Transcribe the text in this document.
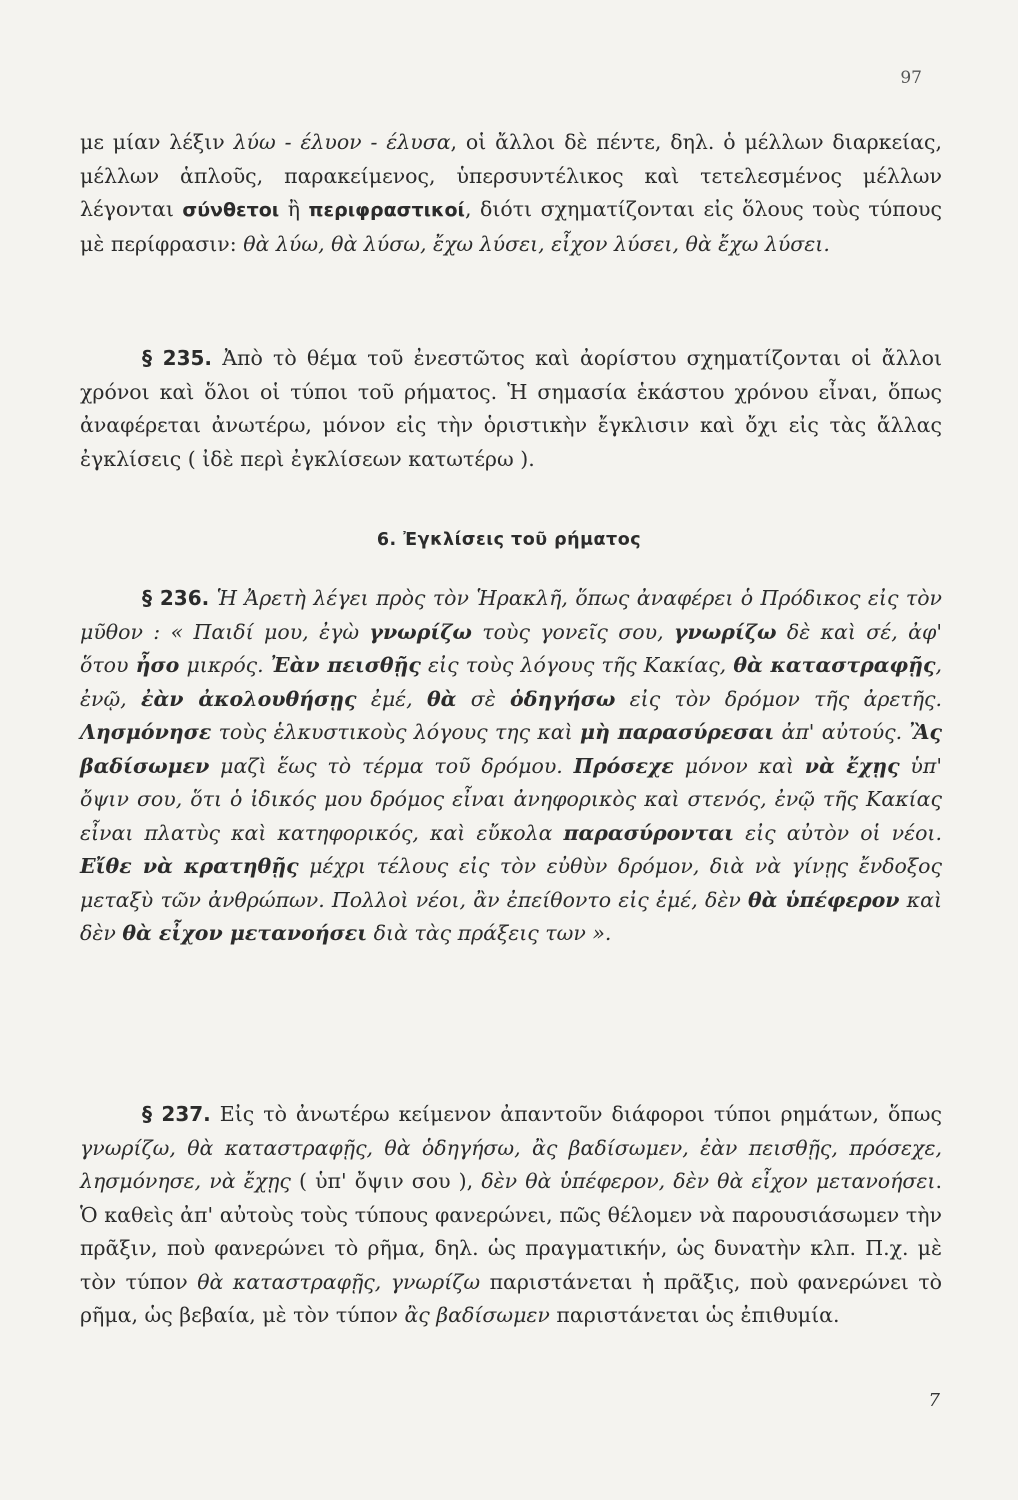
97

με μίαν λέξιν λύω - έλυον - έλυσα, οἱ ἄλλοι δὲ πέντε, δηλ. ὁ μέλλων διαρκείας, μέλλων ἁπλοῦς, παρακείμενος, ὑπερσυντέλικος καὶ τετελεσμένος μέλλων λέγονται σύνθετοι ἢ περιφραστικοί, διότι σχηματίζονται εἰς ὅλους τοὺς τύπους μὲ περίφρασιν: θὰ λύω, θὰ λύσω, ἔχω λύσει, εἶχον λύσει, θὰ ἔχω λύσει.

§ 235. Ἀπὸ τὸ θέμα τοῦ ἐνεστῶτος καὶ ἀορίστου σχηματίζονται οἱ ἄλλοι χρόνοι καὶ ὅλοι οἱ τύποι τοῦ ρήματος. Ἡ σημασία ἑκάστου χρόνου εἶναι, ὅπως ἀναφέρεται ἀνωτέρω, μόνον εἰς τὴν ὁριστικὴν ἔγκλισιν καὶ ὄχι εἰς τὰς ἄλλας ἐγκλίσεις ( ἰδὲ περὶ ἐγκλίσεων κατωτέρω ).

6. Ἐγκλίσεις τοῦ ρήματος

§ 236. Ἡ Ἀρετὴ λέγει πρὸς τὸν Ἡρακλῆ, ὅπως ἀναφέρει ὁ Πρόδικος εἰς τὸν μῦθον : « Παιδί μου, ἐγὼ γνωρίζω τοὺς γονεῖς σου, γνωρίζω δὲ καὶ σέ, ἀφ' ὅτου ἦσο μικρός. Ἐὰν πεισθῇς εἰς τοὺς λόγους τῆς Κακίας, θὰ καταστραφῇς, ἐνῷ, ἐὰν ἀκολουθήσῃς ἐμέ, θὰ σὲ ὁδηγήσω εἰς τὸν δρόμον τῆς ἀρετῆς. Λησμόνησε τοὺς ἑλκυστικοὺς λόγους της καὶ μὴ παρασύρεσαι ἀπ' αὐτούς. Ἂς βαδίσωμεν μαζὶ ἕως τὸ τέρμα τοῦ δρόμου. Πρόσεχε μόνον καὶ νὰ ἔχῃς ὑπ' ὄψιν σου, ὅτι ὁ ἰδικός μου δρόμος εἶναι ἀνηφορικὸς καὶ στενός, ἐνῷ τῆς Κακίας εἶναι πλατὺς καὶ κατηφορικός, καὶ εὔκολα παρασύρονται εἰς αὐτὸν οἱ νέοι. Εἴθε νὰ κρατηθῇς μέχρι τέλους εἰς τὸν εὐθὺν δρόμον, διὰ νὰ γίνῃς ἔνδοξος μεταξὺ τῶν ἀνθρώπων. Πολλοὶ νέοι, ἂν ἐπείθοντο εἰς ἐμέ, δὲν θὰ ὑπέφερον καὶ δὲν θὰ εἶχον μετανοήσει διὰ τὰς πράξεις των ».

§ 237. Εἰς τὸ ἀνωτέρω κείμενον ἀπαντοῦν διάφοροι τύποι ρημάτων, ὅπως γνωρίζω, θὰ καταστραφῇς, θὰ ὁδηγήσω, ἂς βαδίσωμεν, ἐὰν πεισθῇς, πρόσεχε, λησμόνησε, νὰ ἔχῃς ( ὑπ' ὄψιν σου ), δὲν θὰ ὑπέφερον, δὲν θὰ εἶχον μετανοήσει. Ὁ καθεὶς ἀπ' αὐτοὺς τοὺς τύπους φανερώνει, πῶς θέλομεν νὰ παρουσιάσωμεν τὴν πρᾶξιν, ποὺ φανερώνει τὸ ρῆμα, δηλ. ὡς πραγματικήν, ὡς δυνατὴν κλπ. Π.χ. μὲ τὸν τύπον θὰ καταστραφῇς, γνωρίζω παριστάνεται ἡ πρᾶξις, ποὺ φανερώνει τὸ ρῆμα, ὡς βεβαία, μὲ τὸν τύπον ἂς βαδίσωμεν παριστάνεται ὡς ἐπιθυμία.

7
